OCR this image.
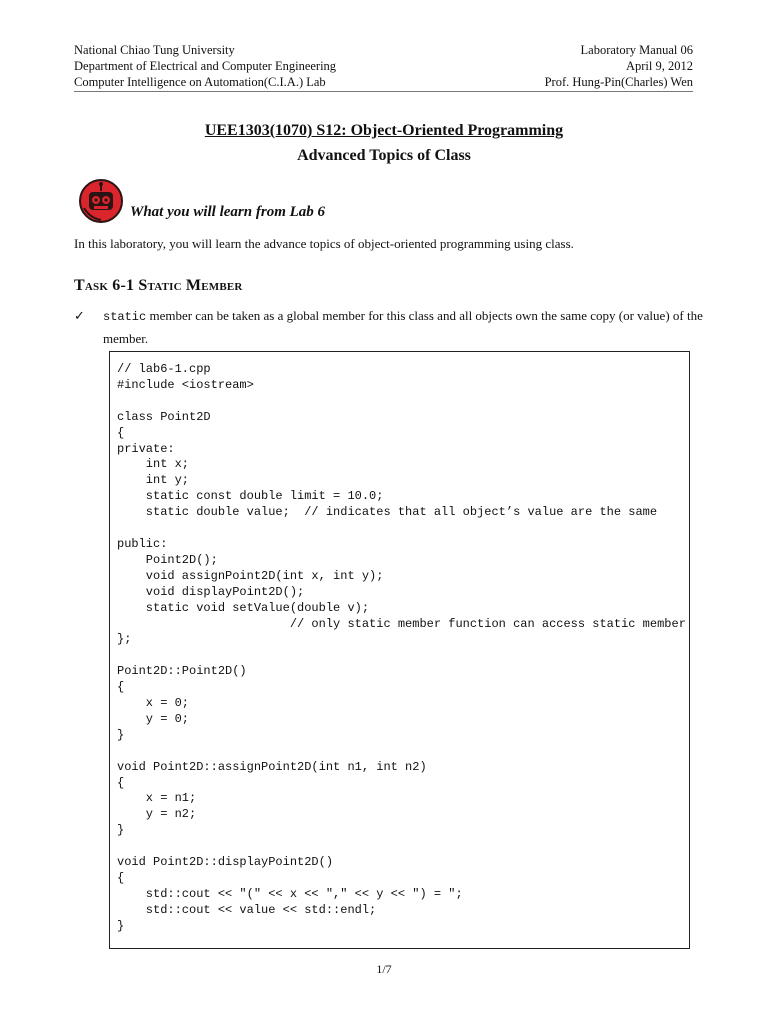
National Chiao Tung University
Department of Electrical and Computer Engineering
Computer Intelligence on Automation(C.I.A.) Lab
Laboratory Manual 06
April 9, 2012
Prof. Hung-Pin(Charles) Wen
UEE1303(1070) S12: Object-Oriented Programming
Advanced Topics of Class
What you will learn from Lab 6
In this laboratory, you will learn the advance topics of object-oriented programming using class.
Task 6-1 Static Member
✓ static member can be taken as a global member for this class and all objects own the same copy (or value) of the member.
// lab6-1.cpp
#include <iostream>

class Point2D
{
private:
int x;
int y;
static const double limit = 10.0;
static double value;  // indicates that all object’s value are the same

public:
Point2D();
void assignPoint2D(int x, int y);
void displayPoint2D();
static void setValue(double v);
// only static member function can access static member
};

Point2D::Point2D()
{
x = 0;
y = 0;
}

void Point2D::assignPoint2D(int n1, int n2)
{
x = n1;
y = n2;
}

void Point2D::displayPoint2D()
{
std::cout << "(" << x << "," << y << ") = ";
std::cout << value << std::endl;
}
1/7
